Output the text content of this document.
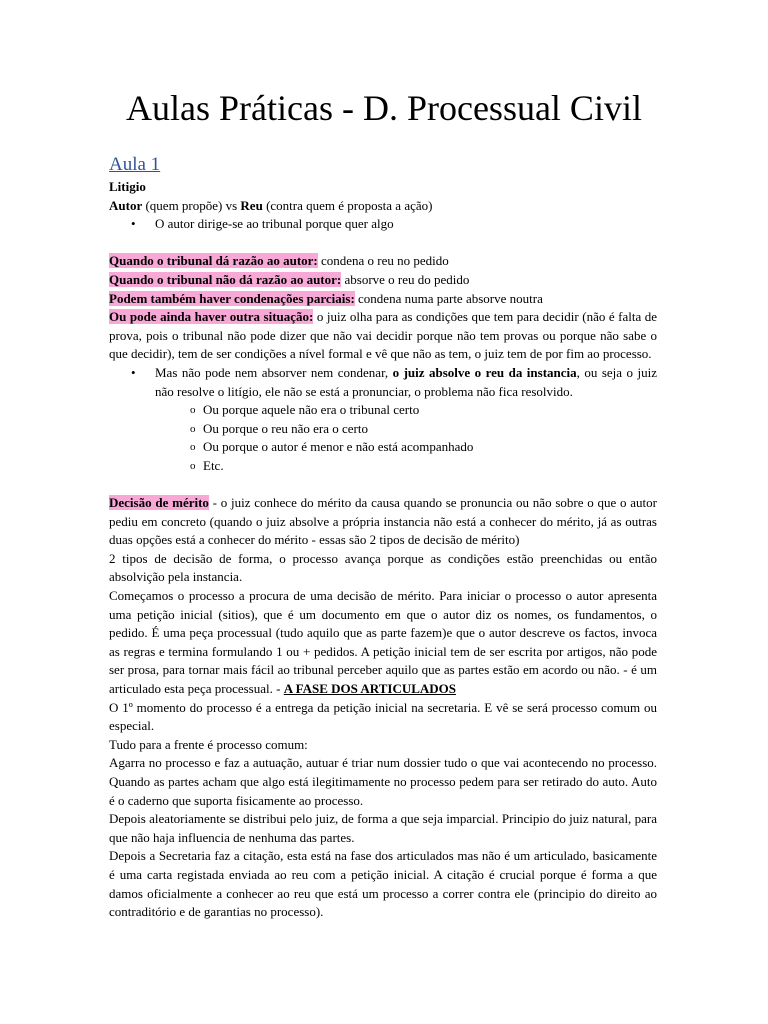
Aulas Práticas - D. Processual Civil
Aula 1

Litigio

Autor (quem propõe) vs Reu (contra quem é proposta a ação)

• O autor dirige-se ao tribunal porque quer algo

Quando o tribunal dá razão ao autor: condena o reu no pedido

Quando o tribunal não dá razão ao autor: absorve o reu do pedido

Podem também haver condenações parciais: condena numa parte absorve noutra

Ou pode ainda haver outra situação: o juiz olha para as condições que tem para decidir (não é falta de prova, pois o tribunal não pode dizer que não vai decidir porque não tem provas ou porque não sabe o que decidir), tem de ser condições a nível formal e vê que não as tem, o juiz tem de por fim ao processo.

• Mas não pode nem absorver nem condenar, o juiz absolve o reu da instancia, ou seja o juiz não resolve o litígio, ele não se está a pronunciar, o problema não fica resolvido.

o Ou porque aquele não era o tribunal certo

o Ou porque o reu não era o certo

o Ou porque o autor é menor e não está acompanhado

o Etc.

Decisão de mérito - o juiz conhece do mérito da causa quando se pronuncia ou não sobre o que o autor pediu em concreto (quando o juiz absolve a própria instancia não está a conhecer do mérito, já as outras duas opções está a conhecer do mérito - essas são 2 tipos de decisão de mérito)

2 tipos de decisão de forma, o processo avança porque as condições estão preenchidas ou então absolvição pela instancia.

Começamos o processo a procura de uma decisão de mérito. Para iniciar o processo o autor apresenta uma petição inicial (sitios), que é um documento em que o autor diz os nomes, os fundamentos, o pedido. É uma peça processual (tudo aquilo que as parte fazem)e que o autor descreve os factos, invoca as regras e termina formulando 1 ou + pedidos. A petição inicial tem de ser escrita por artigos, não pode ser prosa, para tornar mais fácil ao tribunal perceber aquilo que as partes estão em acordo ou não. - é um articulado esta peça processual. - A FASE DOS ARTICULADOS

O 1º momento do processo é a entrega da petição inicial na secretaria. E vê se será processo comum ou especial.

Tudo para a frente é processo comum:

Agarra no processo e faz a autuação, autuar é triar num dossier tudo o que vai acontecendo no processo. Quando as partes acham que algo está ilegitimamente no processo pedem para ser retirado do auto. Auto é o caderno que suporta fisicamente ao processo.

Depois aleatoriamente se distribui pelo juiz, de forma a que seja imparcial. Principio do juiz natural, para que não haja influencia de nenhuma das partes.

Depois a Secretaria faz a citação, esta está na fase dos articulados mas não é um articulado, basicamente é uma carta registada enviada ao reu com a petição inicial. A citação é crucial porque é forma a que damos oficialmente a conhecer ao reu que está um processo a correr contra ele (principio do direito ao contraditório e de garantias no processo).
